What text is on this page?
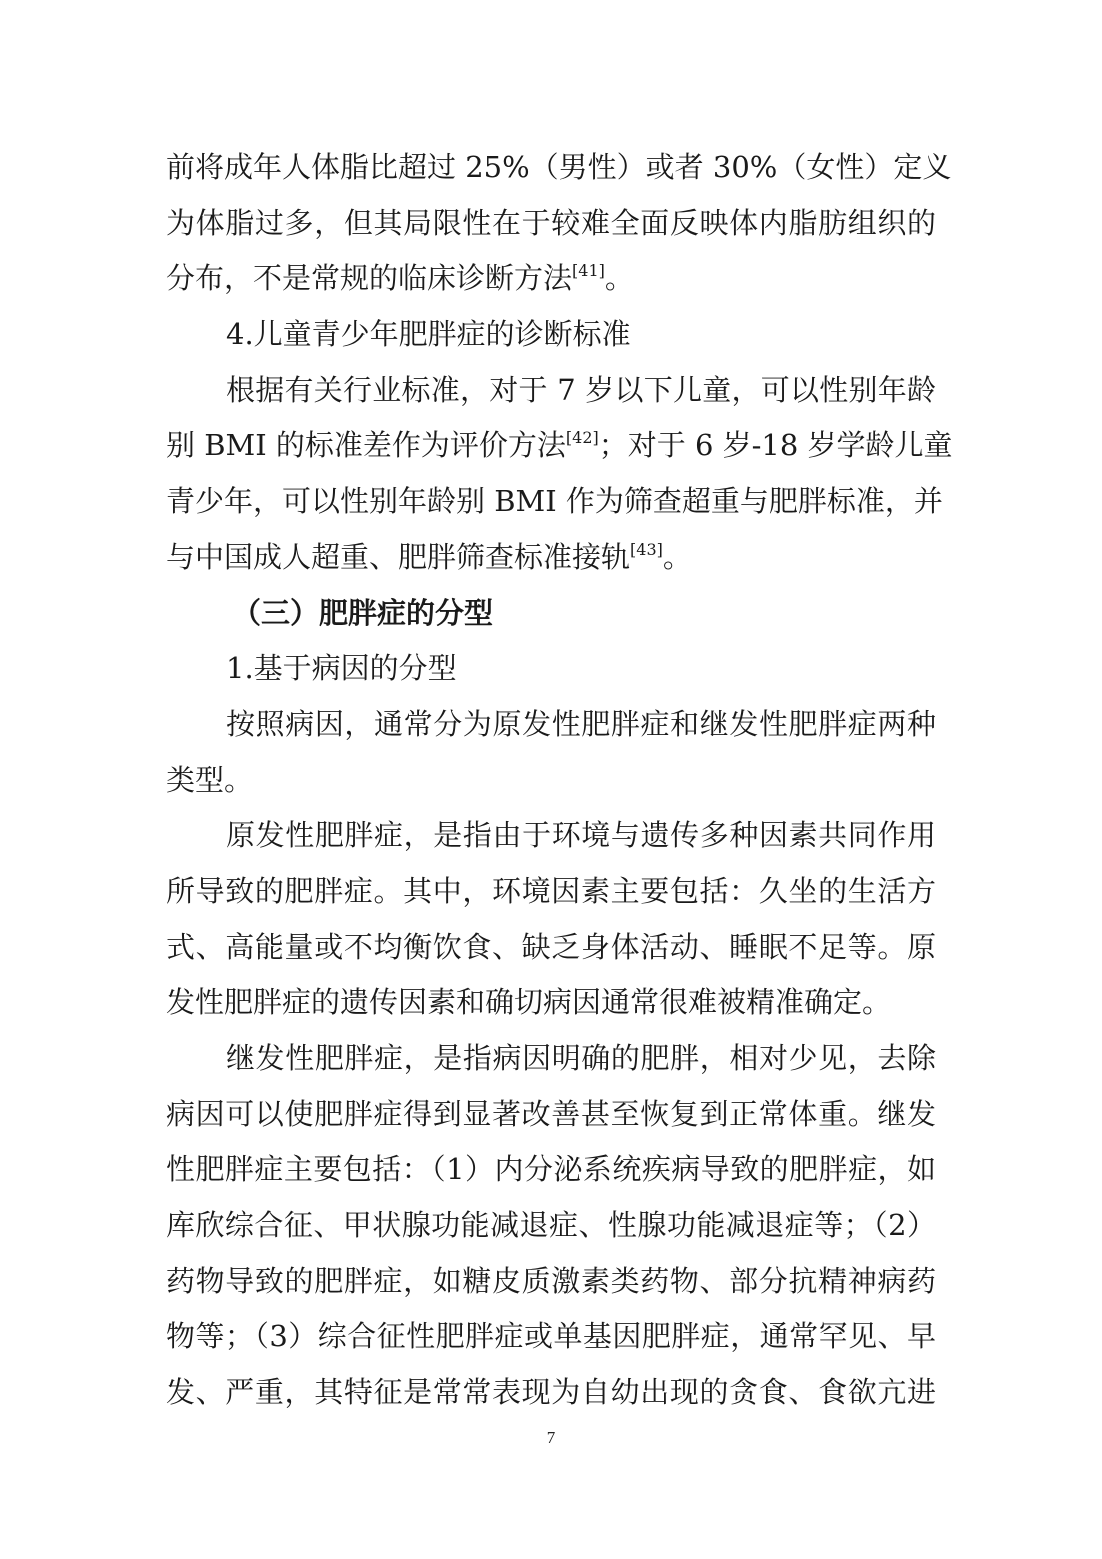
前将成年人体脂比超过 25%（男性）或者 30%（女性）定义
为体脂过多，但其局限性在于较难全面反映体内脂肪组织的
分布，不是常规的临床诊断方法[41]。
4.儿童青少年肥胖症的诊断标准
根据有关行业标准，对于 7 岁以下儿童，可以性别年龄
别 BMI 的标准差作为评价方法[42]；对于 6 岁-18 岁学龄儿童
青少年，可以性别年龄别 BMI 作为筛查超重与肥胖标准，并
与中国成人超重、肥胖筛查标准接轨[43]。
（三）肥胖症的分型
1.基于病因的分型
按照病因，通常分为原发性肥胖症和继发性肥胖症两种
类型。
原发性肥胖症，是指由于环境与遗传多种因素共同作用
所导致的肥胖症。其中，环境因素主要包括：久坐的生活方
式、高能量或不均衡饮食、缺乏身体活动、睡眠不足等。原
发性肥胖症的遗传因素和确切病因通常很难被精准确定。
继发性肥胖症，是指病因明确的肥胖，相对少见，去除
病因可以使肥胖症得到显著改善甚至恢复到正常体重。继发
性肥胖症主要包括：（1）内分泌系统疾病导致的肥胖症，如
库欣综合征、甲状腺功能减退症、性腺功能减退症等；（2）
药物导致的肥胖症，如糖皮质激素类药物、部分抗精神病药
物等；（3）综合征性肥胖症或单基因肥胖症，通常罕见、早
发、严重，其特征是常常表现为自幼出现的贪食、食欲亢进
7
